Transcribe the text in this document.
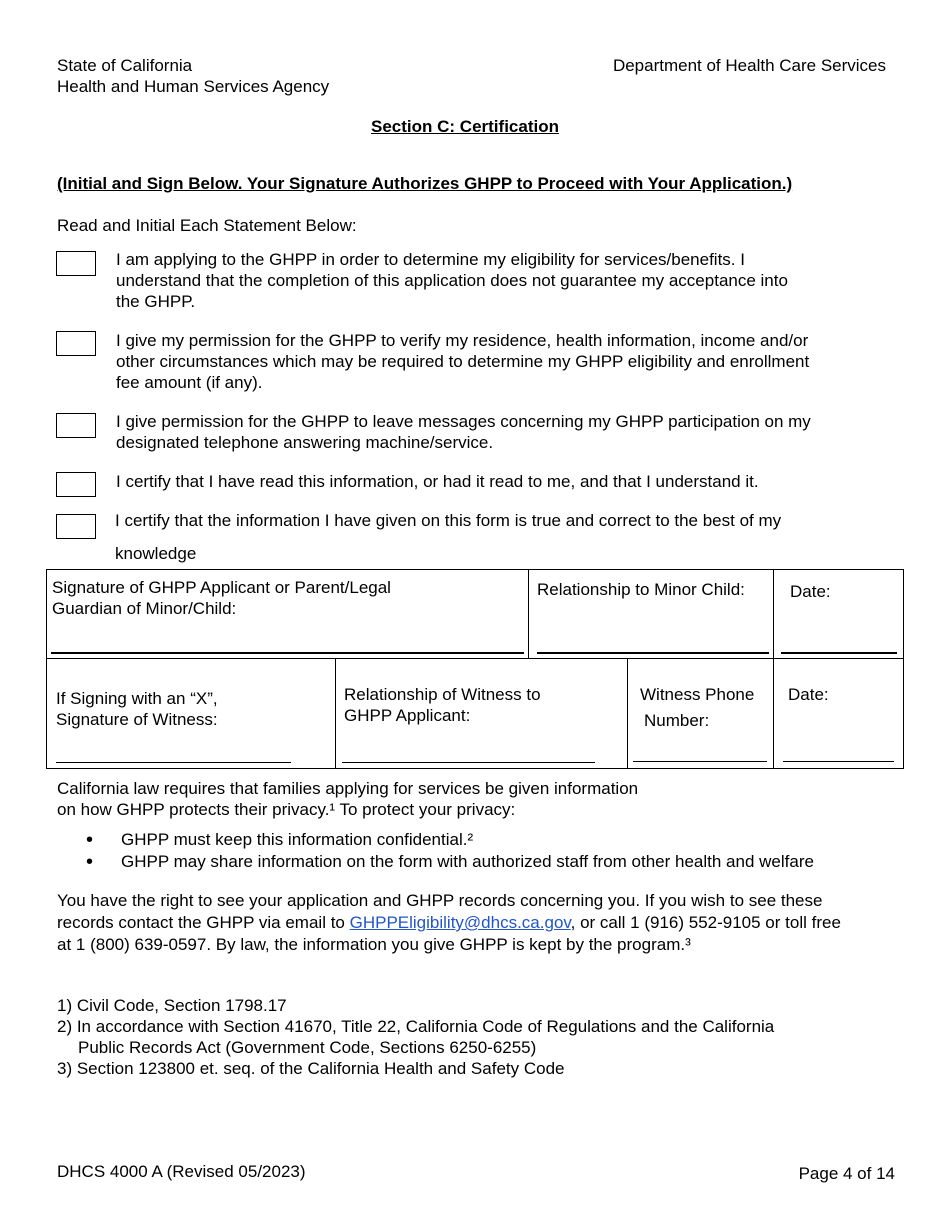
State of California
Health and Human Services Agency
Department of Health Care Services
Section C: Certification
(Initial and Sign Below. Your Signature Authorizes GHPP to Proceed with Your Application.)
Read and Initial Each Statement Below:
I am applying to the GHPP in order to determine my eligibility for services/benefits. I
understand that the completion of this application does not guarantee my acceptance into
the GHPP.
I give my permission for the GHPP to verify my residence, health information, income and/or
other circumstances which may be required to determine my GHPP eligibility and enrollment
fee amount (if any).
I give permission for the GHPP to leave messages concerning my GHPP participation on my
designated telephone answering machine/service.
I certify that I have read this information, or had it read to me, and that I understand it.
I certify that the information I have given on this form is true and correct to the best of my
knowledge
Signature of GHPP Applicant or Parent/Legal
Guardian of Minor/Child:
Relationship to Minor Child:	Date:
If Signing with an “X”,
Signature of Witness:
Relationship of Witness to
GHPP Applicant:
Witness Phone
Number:
Date:
California law requires that families applying for services be given information
on how GHPP protects their privacy.¹ To protect your privacy:
• GHPP must keep this information confidential.²
• GHPP may share information on the form with authorized staff from other health and welfare
You have the right to see your application and GHPP records concerning you. If you wish to see these records contact the GHPP via email to GHPPEligibility@dhcs.ca.gov, or call 1 (916) 552-9105 or toll free at 1 (800) 639-0597. By law, the information you give GHPP is kept by the program.³
1) Civil Code, Section 1798.17
2) In accordance with Section 41670, Title 22, California Code of Regulations and the California
Public Records Act (Government Code, Sections 6250-6255)
3) Section 123800 et. seq. of the California Health and Safety Code
DHCS 4000 A (Revised 05/2023)	Page 4 of 14
